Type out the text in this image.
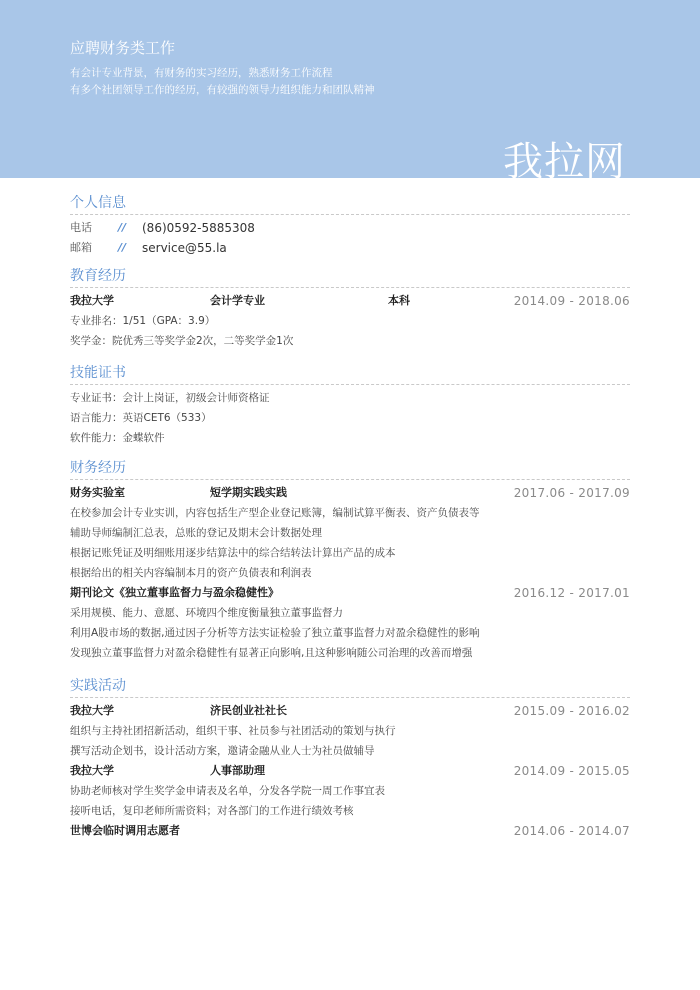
应聘财务类工作
有会计专业背景，有财务的实习经历，熟悉财务工作流程
有多个社团领导工作的经历，有较强的领导力组织能力和团队精神
我拉网
个人信息
电话 // (86)0592-5885308
邮箱 // service@55.la
教育经历
我拉大学	会计学专业	本科	2014.09 - 2018.06
专业排名：1/51（GPA：3.9）
奖学金：院优秀三等奖学金2次，二等奖学金1次
技能证书
专业证书：会计上岗证，初级会计师资格证
语言能力：英语CET6（533）
软件能力：金蝶软件
财务经历
财务实验室	短学期实践实践	2017.06 - 2017.09
在校参加会计专业实训，内容包括生产型企业登记账簿，编制试算平衡表、资产负债表等
辅助导师编制汇总表，总账的登记及期末会计数据处理
根据记账凭证及明细账用逐步结算法中的综合结转法计算出产品的成本
根据给出的相关内容编制本月的资产负债表和利润表
期刊论文《独立董事监督力与盈余稳健性》	2016.12 - 2017.01
采用规模、能力、意愿、环境四个维度衡量独立董事监督力
利用A股市场的数据,通过因子分析等方法实证检验了独立董事监督力对盈余稳健性的影响
发现独立董事监督力对盈余稳健性有显著正向影响,且这种影响随公司治理的改善而增强
实践活动
我拉大学	济民创业社社长	2015.09 - 2016.02
组织与主持社团招新活动，组织干事、社员参与社团活动的策划与执行
撰写活动企划书，设计活动方案，邀请金融从业人士为社员做辅导
我拉大学	人事部助理	2014.09 - 2015.05
协助老师核对学生奖学金申请表及名单，分发各学院一周工作事宜表
接听电话，复印老师所需资料；对各部门的工作进行绩效考核
世博会临时调用志愿者	2014.06 - 2014.07
